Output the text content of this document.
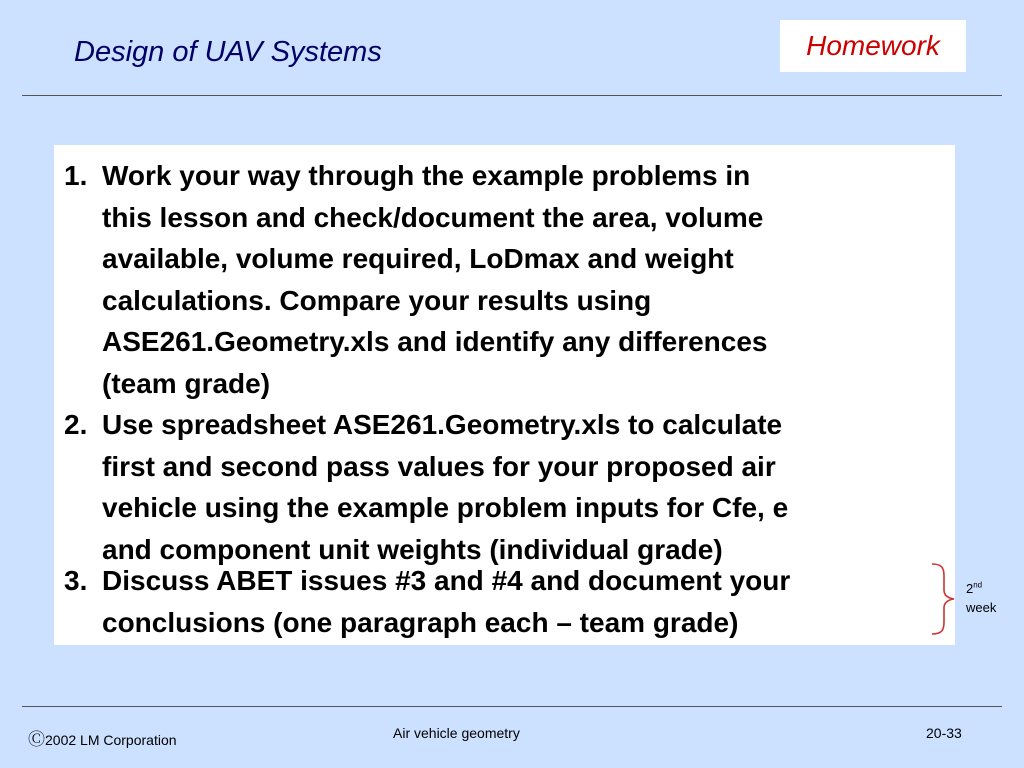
Design of UAV Systems	Homework
1. Work your way through the example problems in
this lesson and check/document the area, volume
available, volume required, LoDmax and weight
calculations. Compare your results using
ASE261.Geometry.xls and identify any differences
(team grade)
2. Use spreadsheet ASE261.Geometry.xls to calculate
first and second pass values for your proposed air
vehicle using the example problem inputs for Cfe, e
and component unit weights (individual grade)
3. Discuss ABET issues #3 and #4 and document your
conclusions (one paragraph each – team grade)
2nd
week
Ⓒ2002 LM Corporation	Air vehicle geometry	20-33
